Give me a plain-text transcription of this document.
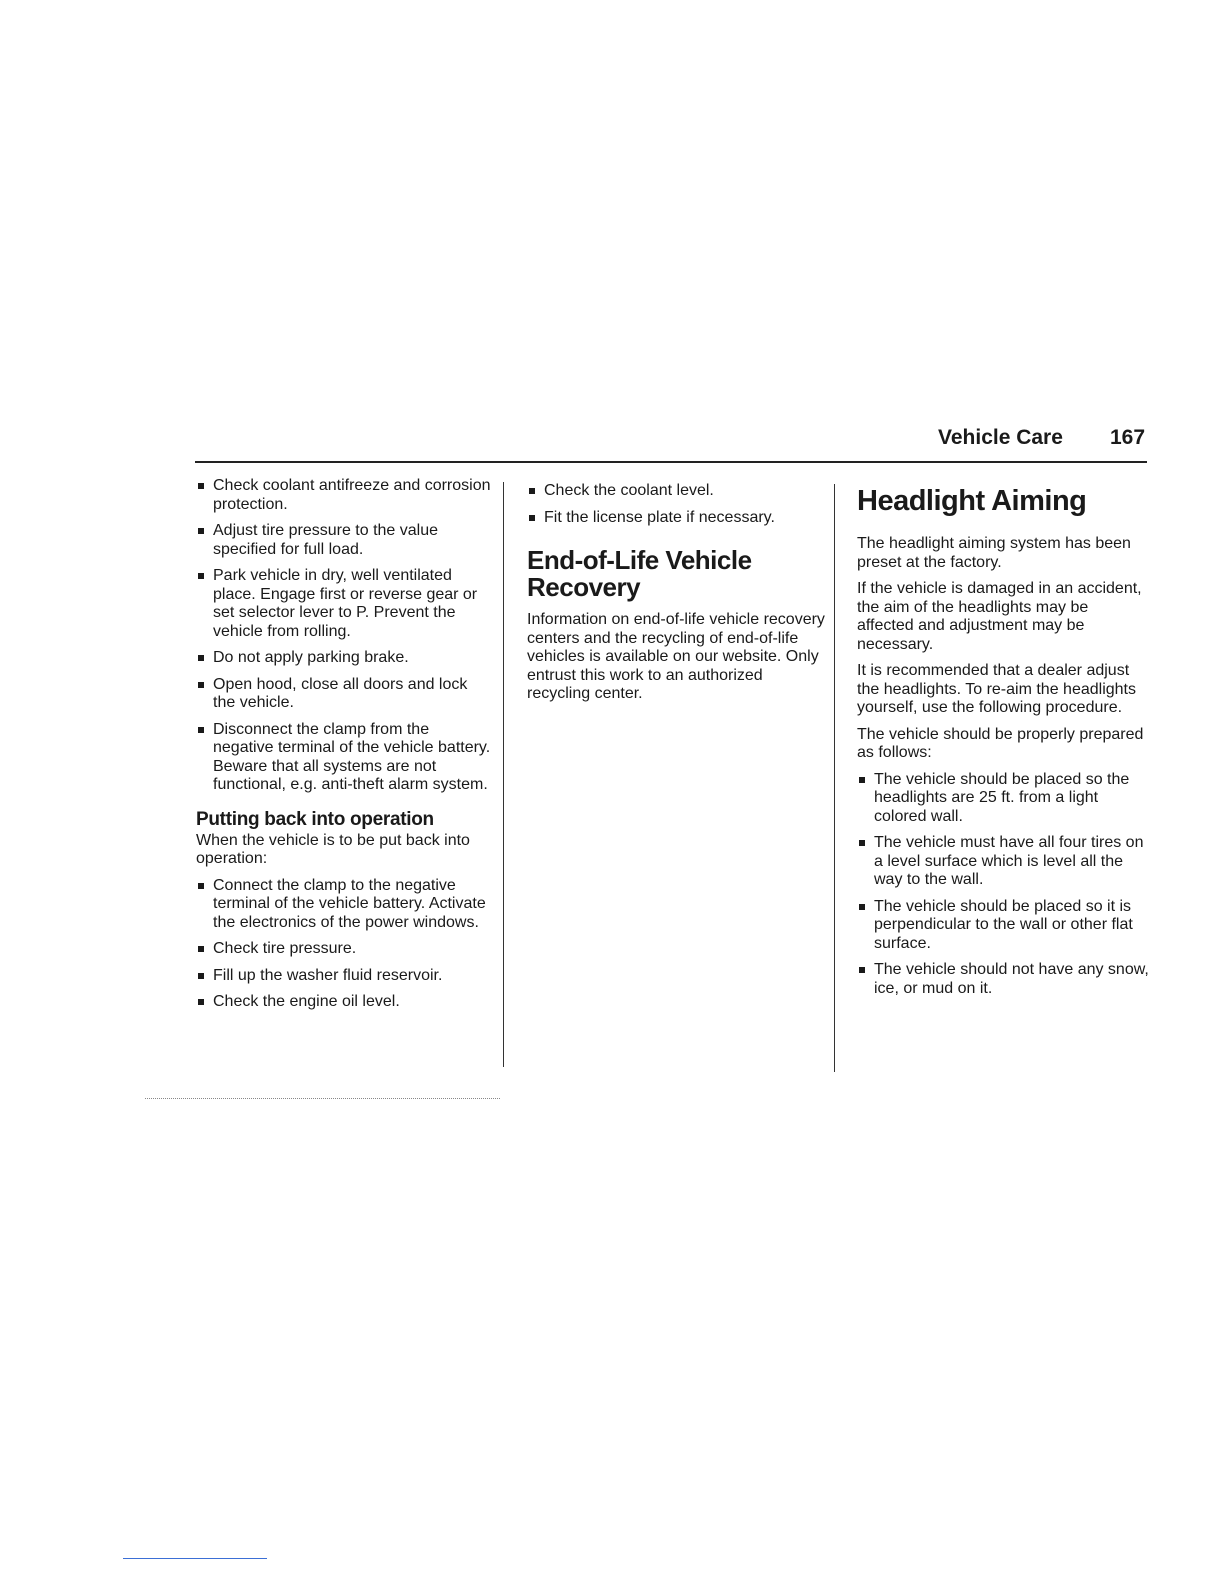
Vehicle Care 167
Check coolant antifreeze and corrosion protection.
Adjust tire pressure to the value specified for full load.
Park vehicle in dry, well ventilated place. Engage first or reverse gear or set selector lever to P. Prevent the vehicle from rolling.
Do not apply parking brake.
Open hood, close all doors and lock the vehicle.
Disconnect the clamp from the negative terminal of the vehicle battery. Beware that all systems are not functional, e.g. anti-theft alarm system.
Putting back into operation

When the vehicle is to be put back into operation:

Connect the clamp to the negative terminal of the vehicle battery. Activate the electronics of the power windows.
Check tire pressure.
Fill up the washer fluid reservoir.
Check the engine oil level.
Check the coolant level.
Fit the license plate if necessary.
End-of-Life Vehicle Recovery

Information on end-of-life vehicle recovery centers and the recycling of end-of-life vehicles is available on our website. Only entrust this work to an authorized recycling center.

Headlight Aiming

The headlight aiming system has been preset at the factory.

If the vehicle is damaged in an accident, the aim of the headlights may be affected and adjustment may be necessary.

It is recommended that a dealer adjust the headlights. To re-aim the headlights yourself, use the following procedure.

The vehicle should be properly prepared as follows:

The vehicle should be placed so the headlights are 25 ft. from a light colored wall.
The vehicle must have all four tires on a level surface which is level all the way to the wall.
The vehicle should be placed so it is perpendicular to the wall or other flat surface.
The vehicle should not have any snow, ice, or mud on it.
